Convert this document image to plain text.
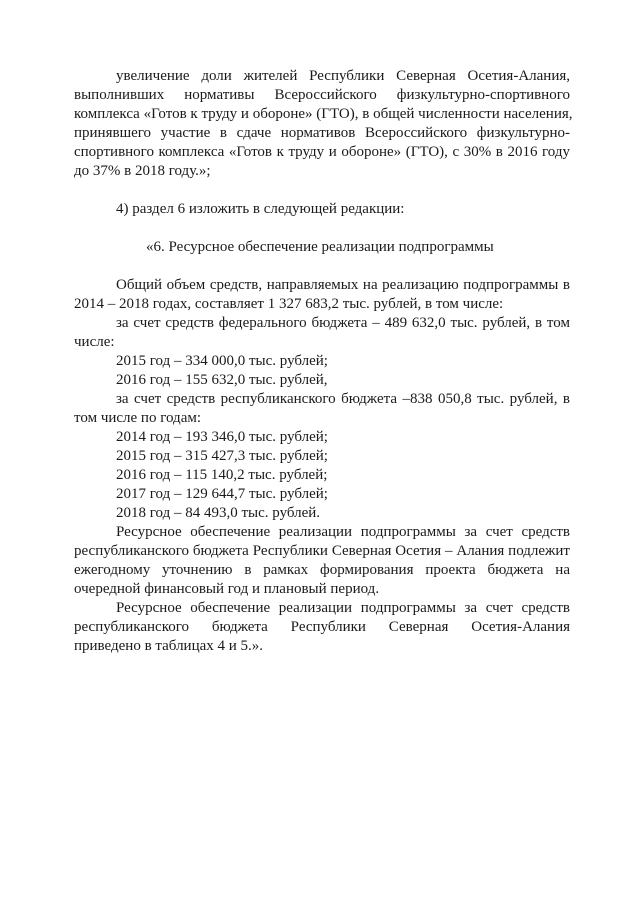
увеличение доли жителей Республики Северная Осетия-Алания,
выполнивших нормативы Всероссийского физкультурно-спортивного
комплекса «Готов к труду и обороне» (ГТО), в общей численности населения,
принявшего участие в сдаче нормативов Всероссийского физкультурно-
спортивного комплекса «Готов к труду и обороне» (ГТО), с 30% в 2016 году
до 37% в 2018 году.»;
4) раздел 6 изложить в следующей редакции:
«6. Ресурсное обеспечение реализации подпрограммы
Общий объем средств, направляемых на реализацию подпрограммы в
2014 – 2018 годах, составляет 1 327 683,2 тыс. рублей, в том числе:
за счет средств федерального бюджета – 489 632,0 тыс. рублей, в том
числе:
2015 год – 334 000,0 тыс. рублей;
2016 год – 155 632,0 тыс. рублей,
за счет средств республиканского бюджета –838 050,8 тыс. рублей, в
том числе по годам:
2014 год – 193 346,0 тыс. рублей;
2015 год – 315 427,3 тыс. рублей;
2016 год – 115 140,2 тыс. рублей;
2017 год – 129 644,7 тыс. рублей;
2018 год – 84 493,0 тыс. рублей.
Ресурсное обеспечение реализации подпрограммы за счет средств
республиканского бюджета Республики Северная Осетия – Алания подлежит
ежегодному уточнению в рамках формирования проекта бюджета на
очередной финансовый год и плановый период.
Ресурсное обеспечение реализации подпрограммы за счет средств
республиканского бюджета Республики Северная Осетия-Алания
приведено в таблицах 4 и 5.».
